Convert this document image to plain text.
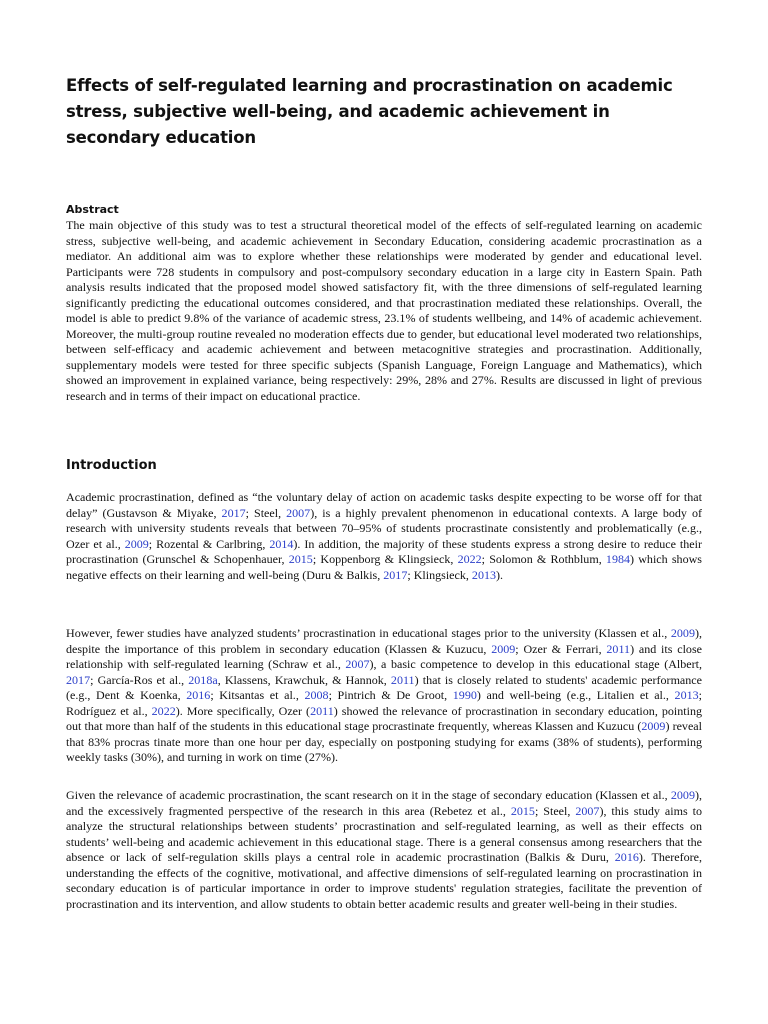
Effects of self-regulated learning and procrastination on academic stress, subjective well-being, and academic achievement in secondary education
Abstract

The main objective of this study was to test a structural theoretical model of the effects of self-regulated learning on academic stress, subjective well-being, and academic achievement in Secondary Education, considering academic procrastination as a mediator. An additional aim was to explore whether these relationships were moderated by gender and educational level. Participants were 728 students in compulsory and post-compulsory secondary education in a large city in Eastern Spain. Path analysis results indicated that the proposed model showed satisfactory fit, with the three dimensions of self-regulated learning significantly predicting the educational outcomes considered, and that procrastination mediated these relationships. Overall, the model is able to predict 9.8% of the variance of academic stress, 23.1% of students wellbeing, and 14% of academic achievement. Moreover, the multi-group routine revealed no moderation effects due to gender, but educational level moderated two relationships, between self-efficacy and academic achievement and between metacognitive strategies and procrastination. Additionally, supplementary models were tested for three specific subjects (Spanish Language, Foreign Language and Mathematics), which showed an improvement in explained variance, being respectively: 29%, 28% and 27%. Results are discussed in light of previous research and in terms of their impact on educational practice.

Introduction

Academic procrastination, defined as “the voluntary delay of action on academic tasks despite expecting to be worse off for that delay” (Gustavson & Miyake, 2017; Steel, 2007), is a highly prevalent phenomenon in educational contexts. A large body of research with university students reveals that between 70–95% of students procrastinate consistently and problematically (e.g., Ozer et al., 2009; Rozental & Carlbring, 2014). In addition, the majority of these students express a strong desire to reduce their procrastination (Grunschel & Schopenhauer, 2015; Koppenborg & Klingsieck, 2022; Solomon & Rothblum, 1984) which shows negative effects on their learning and well-being (Duru & Balkis, 2017; Klingsieck, 2013).

However, fewer studies have analyzed students’ procrastination in educational stages prior to the university (Klassen et al., 2009), despite the importance of this problem in secondary education (Klassen & Kuzucu, 2009; Ozer & Ferrari, 2011) and its close relationship with self-regulated learning (Schraw et al., 2007), a basic competence to develop in this educational stage (Albert, 2017; García-Ros et al., 2018a, Klassens, Krawchuk, & Hannok, 2011) that is closely related to students' academic performance (e.g., Dent & Koenka, 2016; Kitsantas et al., 2008; Pintrich & De Groot, 1990) and well-being (e.g., Litalien et al., 2013; Rodríguez et al., 2022). More specifically, Ozer (2011) showed the relevance of procrastination in secondary education, pointing out that more than half of the students in this educational stage procrastinate frequently, whereas Klassen and Kuzucu (2009) reveal that 83% procras tinate more than one hour per day, especially on postponing studying for exams (38% of students), performing weekly tasks (30%), and turning in work on time (27%).

Given the relevance of academic procrastination, the scant research on it in the stage of secondary education (Klassen et al., 2009), and the excessively fragmented perspective of the research in this area (Rebetez et al., 2015; Steel, 2007), this study aims to analyze the structural relationships between students’ procrastination and self-regulated learning, as well as their effects on students’ well-being and academic achievement in this educational stage. There is a general consensus among researchers that the absence or lack of self-regulation skills plays a central role in academic procrastination (Balkis & Duru, 2016). Therefore, understanding the effects of the cognitive, motivational, and affective dimensions of self-regulated learning on procrastination in secondary education is of particular importance in order to improve students' regulation strategies, facilitate the prevention of procrastination and its intervention, and allow students to obtain better academic results and greater well-being in their studies.
